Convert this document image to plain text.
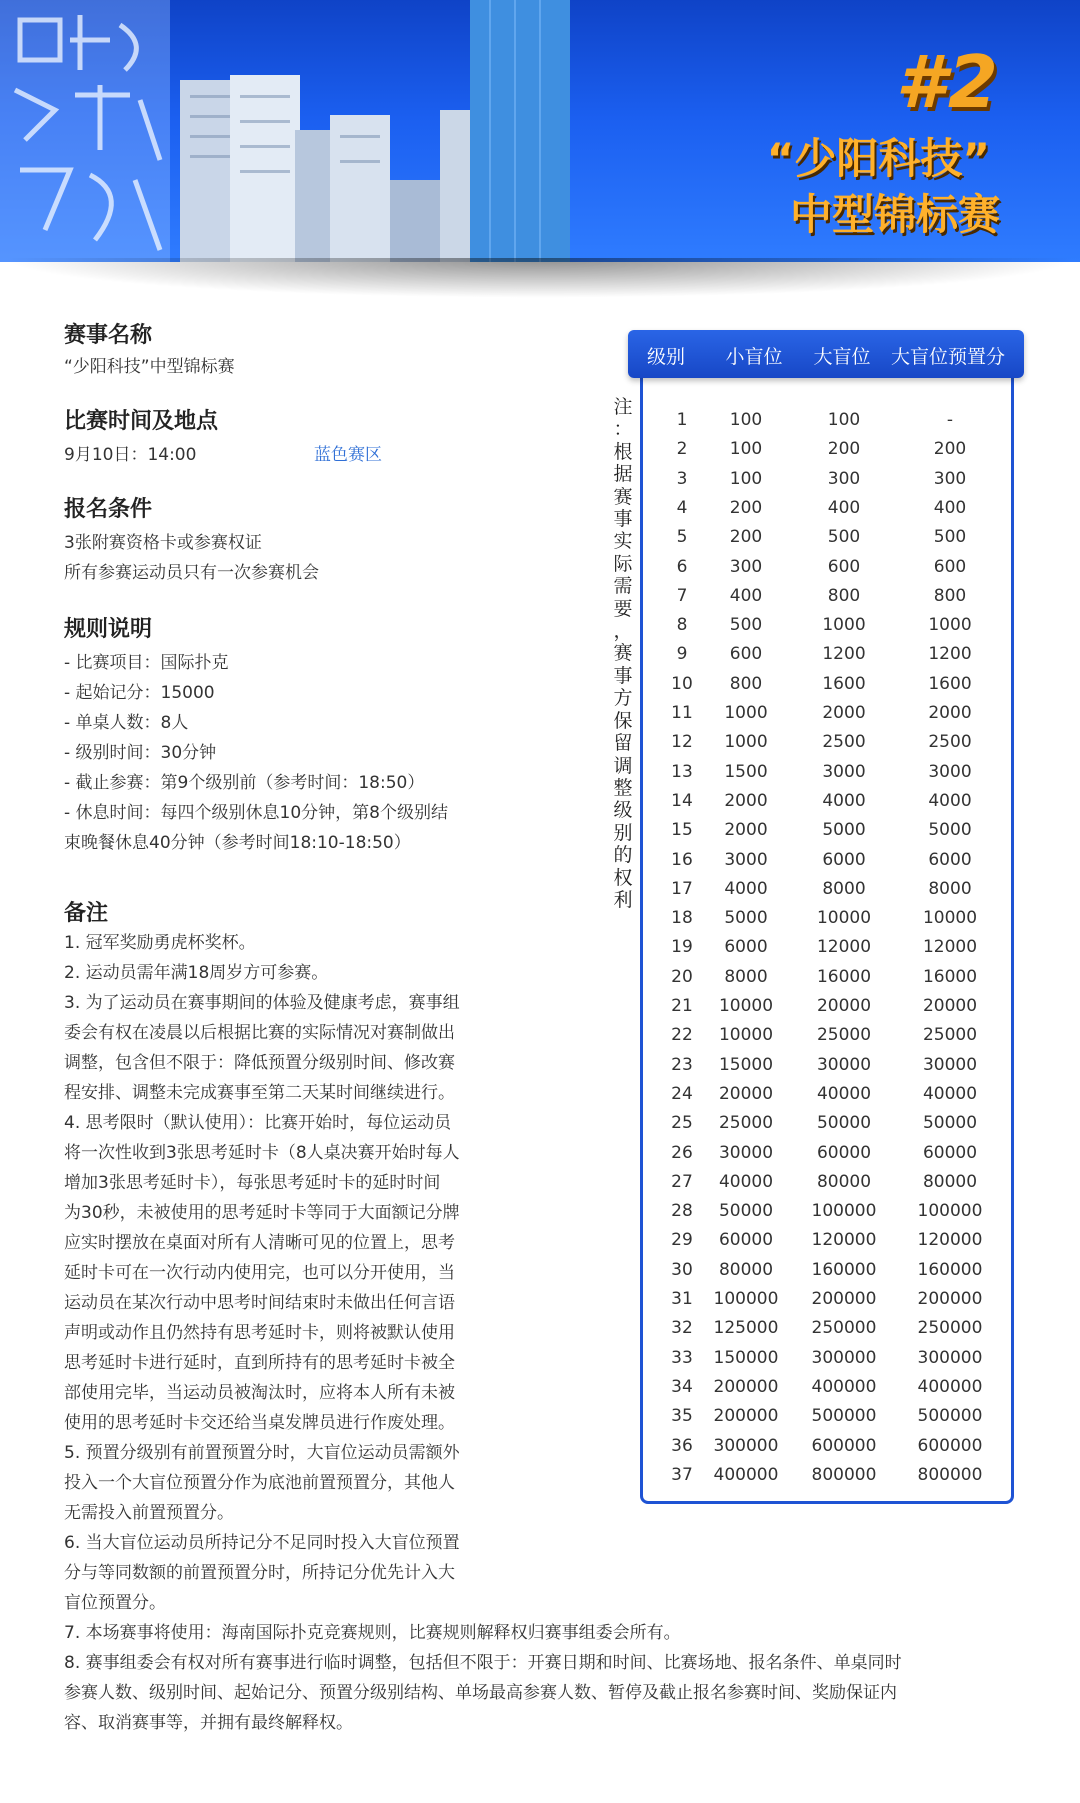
#2
“少阳科技”
中型锦标赛
赛事名称
“少阳科技”中型锦标赛
比赛时间及地点
9月10日：14:00	蓝色赛区
报名条件
3张附赛资格卡或参赛权证
所有参赛运动员只有一次参赛机会
规则说明
- 比赛项目：国际扑克
- 起始记分：15000
- 单桌人数：8人
- 级别时间：30分钟
- 截止参赛：第9个级别前（参考时间：18:50）
- 休息时间：每四个级别休息10分钟，第8个级别结
束晚餐休息40分钟（参考时间18:10-18:50）
备注
1. 冠军奖励勇虎杯奖杯。
2. 运动员需年满18周岁方可参赛。
3. 为了运动员在赛事期间的体验及健康考虑，赛事组
委会有权在凌晨以后根据比赛的实际情况对赛制做出
调整，包含但不限于：降低预置分级别时间、修改赛
程安排、调整未完成赛事至第二天某时间继续进行。
4. 思考限时（默认使用）：比赛开始时，每位运动员
将一次性收到3张思考延时卡（8人桌决赛开始时每人
增加3张思考延时卡），每张思考延时卡的延时时间
为30秒，未被使用的思考延时卡等同于大面额记分牌
应实时摆放在桌面对所有人清晰可见的位置上，思考
延时卡可在一次行动内使用完，也可以分开使用，当
运动员在某次行动中思考时间结束时未做出任何言语
声明或动作且仍然持有思考延时卡，则将被默认使用
思考延时卡进行延时，直到所持有的思考延时卡被全
部使用完毕，当运动员被淘汰时，应将本人所有未被
使用的思考延时卡交还给当桌发牌员进行作废处理。
5. 预置分级别有前置预置分时，大盲位运动员需额外
投入一个大盲位预置分作为底池前置预置分，其他人
无需投入前置预置分。
6. 当大盲位运动员所持记分不足同时投入大盲位预置
分与等同数额的前置预置分时，所持记分优先计入大
盲位预置分。
7. 本场赛事将使用：海南国际扑克竞赛规则，比赛规则解释权归赛事组委会所有。
8. 赛事组委会有权对所有赛事进行临时调整，包括但不限于：开赛日期和时间、比赛场地、报名条件、单桌同时
参赛人数、级别时间、起始记分、预置分级别结构、单场最高参赛人数、暂停及截止报名参赛时间、奖励保证内
容、取消赛事等，并拥有最终解释权。
注
：
根
据
赛
事
实
际
需
要
，
赛
事
方
保
留
调
整
级
别
的
权
利
级别 小盲位 大盲位 大盲位预置分
1 100	100	-
2 100	200	200
3 100	300	300
4 200	400	400
5 200	500	500
6 300	600	600
7 400	800	800
8 500	1000	1000
9 600	1200	1200
10 800	1600	1600
11 1000	2000	2000
12 1000	2500	2500
13 1500	3000	3000
14 2000	4000	4000
15 2000	5000	5000
16 3000	6000	6000
17 4000	8000	8000
18 5000	10000	10000
19 6000	12000	12000
20 8000	16000	16000
21 10000	20000	20000
22 10000	25000	25000
23 15000	30000	30000
24 20000	40000	40000
25 25000	50000	50000
26 30000	60000	60000
27 40000	80000	80000
28 50000 100000 100000
29 60000 120000 120000
30 80000 160000 160000
31 100000 200000 200000
32 125000 250000 250000
33 150000 300000 300000
34 200000 400000 400000
35 200000 500000 500000
36 300000 600000 600000
37 400000 800000 800000
